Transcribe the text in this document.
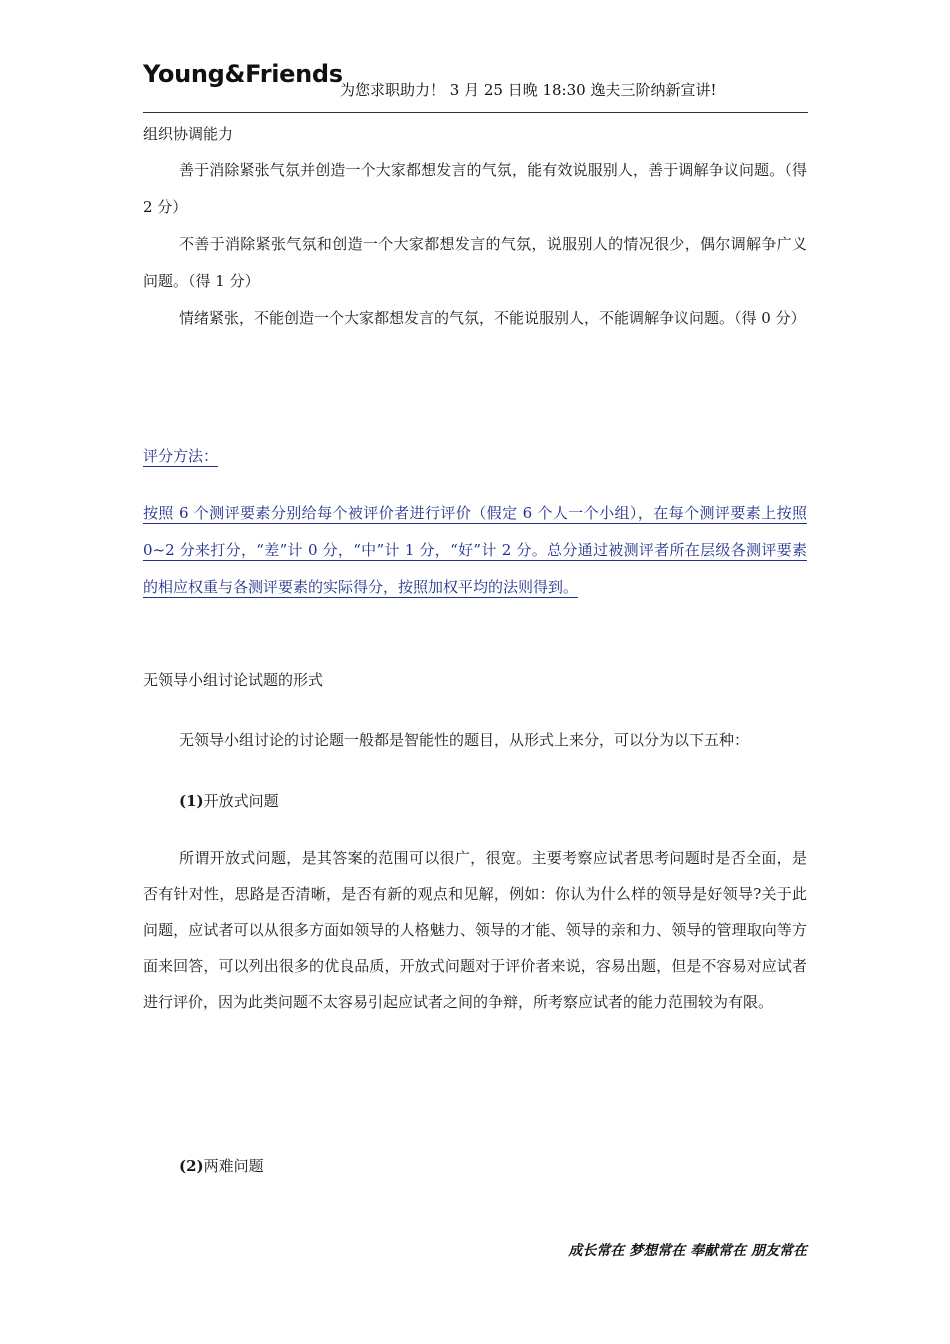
Young&Friends
为您求职助力！ 3 月 25 日晚 18:30 逸夫三阶纳新宣讲!
组织协调能力

善于消除紧张气氛并创造一个大家都想发言的气氛，能有效说服别人，善于调解争议问题。（得 2 分）

不善于消除紧张气氛和创造一个大家都想发言的气氛，说服别人的情况很少，偶尔调解争广义问题。（得 1 分）

情绪紧张，不能创造一个大家都想发言的气氛，不能说服别人，不能调解争议问题。（得 0 分）

评分方法：

按照 6 个测评要素分别给每个被评价者进行评价（假定 6 个人一个小组），在每个测评要素上按照 0~2 分来打分，“差”计 0 分，“中”计 1 分，“好”计 2 分。总分通过被测评者所在层级各测评要素的相应权重与各测评要素的实际得分，按照加权平均的法则得到。

无领导小组讨论试题的形式

无领导小组讨论的讨论题一般都是智能性的题目，从形式上来分，可以分为以下五种：

(1)开放式问题

所谓开放式问题，是其答案的范围可以很广，很宽。主要考察应试者思考问题时是否全面，是否有针对性，思路是否清晰，是否有新的观点和见解，例如：你认为什么样的领导是好领导?关于此问题，应试者可以从很多方面如领导的人格魅力、领导的才能、领导的亲和力、领导的管理取向等方面来回答，可以列出很多的优良品质，开放式问题对于评价者来说，容易出题，但是不容易对应试者进行评价，因为此类问题不太容易引起应试者之间的争辩，所考察应试者的能力范围较为有限。

(2)两难问题
成长常在 梦想常在 奉献常在 朋友常在
